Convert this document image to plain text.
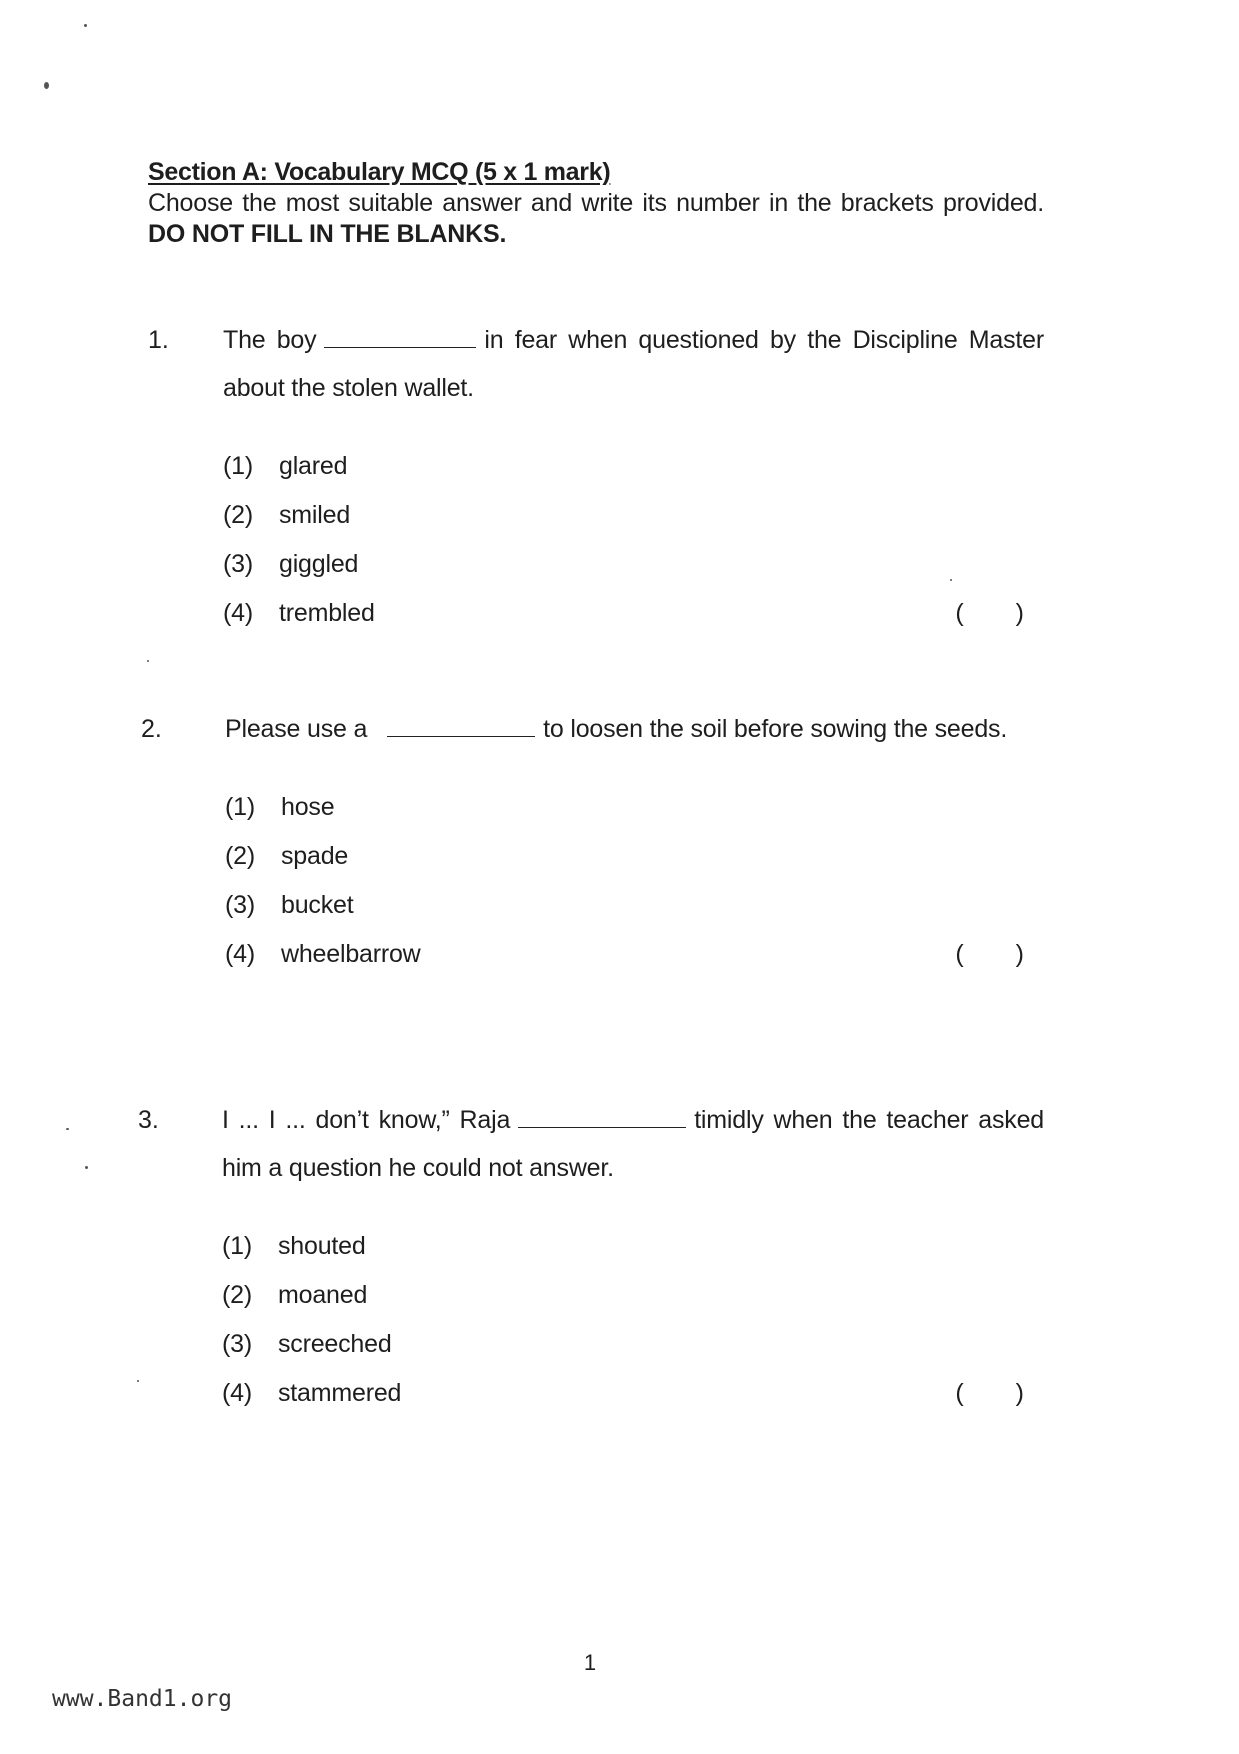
Section A: Vocabulary MCQ (5 x 1 mark)
Choose the most suitable answer and write its number in the brackets provided. DO NOT FILL IN THE BLANKS.
1. The boy	in fear when questioned by the Discipline Master about the stolen wallet.
(1) glared
(2) smiled
(3) giggled
(4) trembled	( )
2.	Please use a	to loosen the soil before sowing the seeds.
(1) hose
(2) spade
(3) bucket
(4) wheelbarrow	( )
3.	I ... I ... don’t know,” Raja	timidly when the teacher asked him a question he could not answer.
(1) shouted
(2) moaned
(3) screeched
(4) stammered	( )
1
www.Band1.org
